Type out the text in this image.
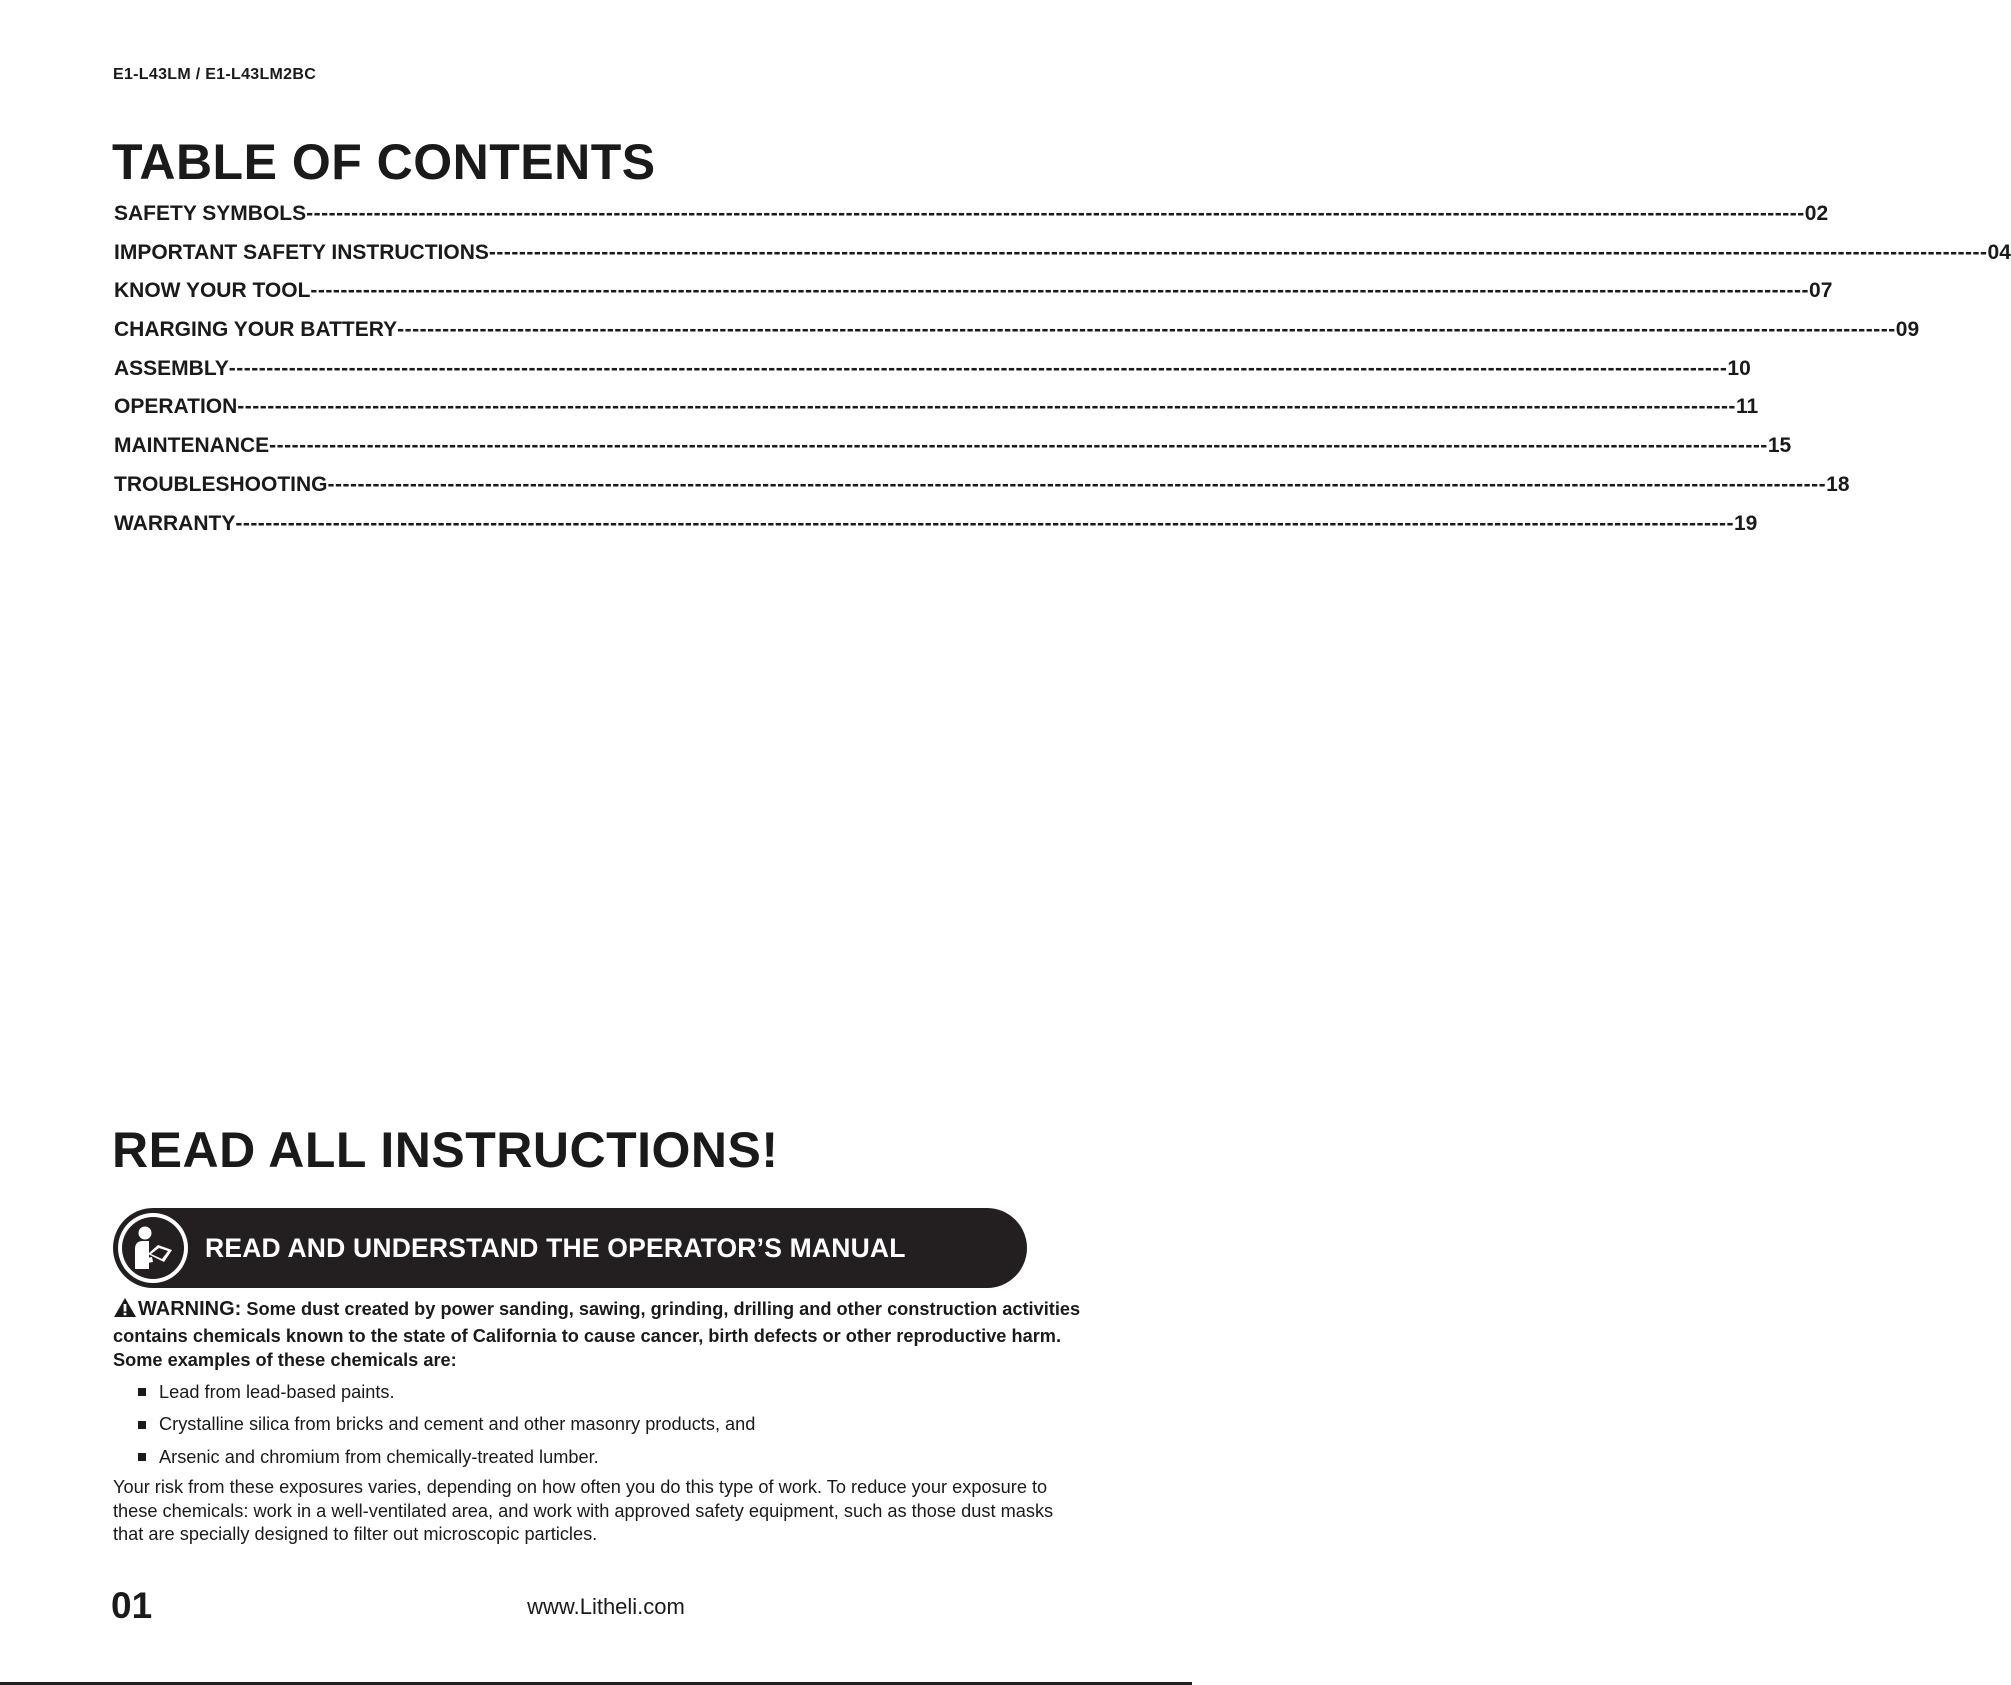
E1-L43LM / E1-L43LM2BC
TABLE OF CONTENTS
SAFETY SYMBOLS -------------------------------------------------------------------------------------------------------------------------------------------------------------------------------------------------------- 02
IMPORTANT SAFETY INSTRUCTIONS -------------------------------------------------------------------------------------------------------------------------------------------------------------------------------------------------------- 04
KNOW YOUR TOOL -------------------------------------------------------------------------------------------------------------------------------------------------------------------------------------------------------- 07
CHARGING YOUR BATTERY -------------------------------------------------------------------------------------------------------------------------------------------------------------------------------------------------------- 09
ASSEMBLY -------------------------------------------------------------------------------------------------------------------------------------------------------------------------------------------------------- 10
OPERATION -------------------------------------------------------------------------------------------------------------------------------------------------------------------------------------------------------- 11
MAINTENANCE -------------------------------------------------------------------------------------------------------------------------------------------------------------------------------------------------------- 15
TROUBLESHOOTING -------------------------------------------------------------------------------------------------------------------------------------------------------------------------------------------------------- 18
WARRANTY -------------------------------------------------------------------------------------------------------------------------------------------------------------------------------------------------------- 19
READ ALL INSTRUCTIONS!
READ AND UNDERSTAND THE OPERATOR’S MANUAL

WARNING: Some dust created by power sanding, sawing, grinding, drilling and other construction activities contains chemicals known to the state of California to cause cancer, birth defects or other reproductive harm. Some examples of these chemicals are:

Lead from lead-based paints.
Crystalline silica from bricks and cement and other masonry products, and
Arsenic and chromium from chemically-treated lumber.

Your risk from these exposures varies, depending on how often you do this type of work. To reduce your exposure to these chemicals: work in a well-ventilated area, and work with approved safety equipment, such as those dust masks that are specially designed to filter out microscopic particles.

01	www.Litheli.com
